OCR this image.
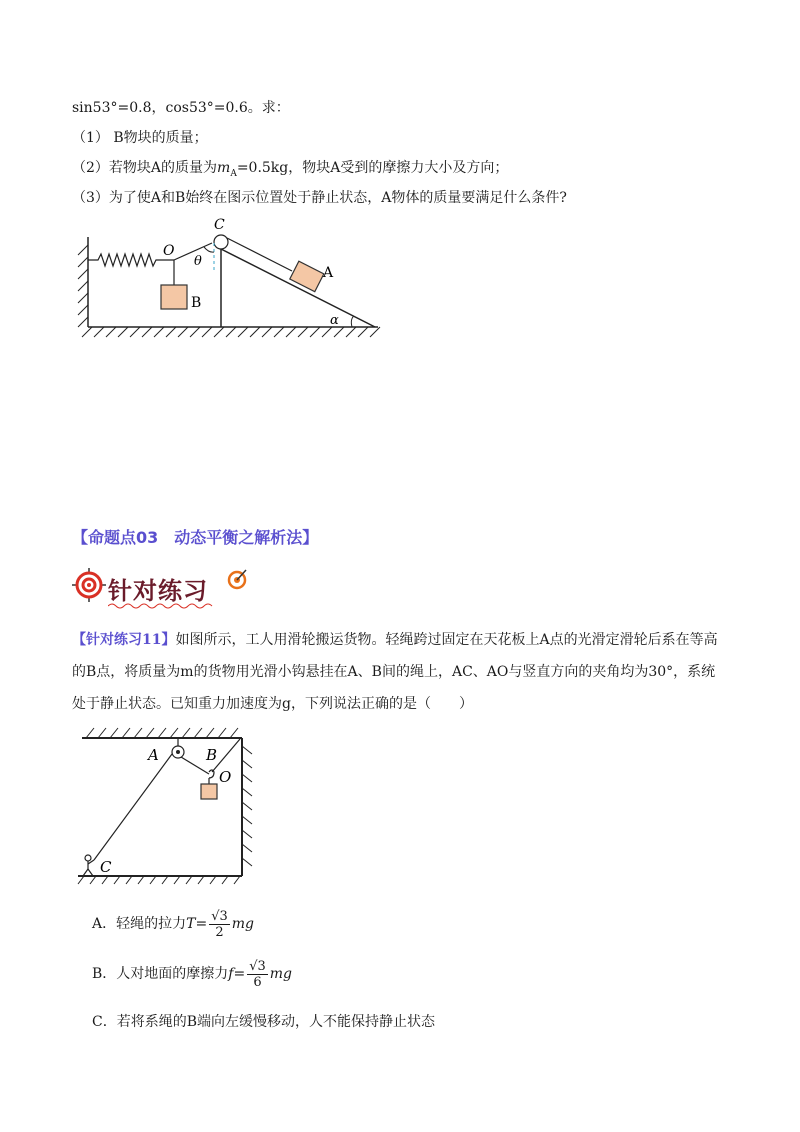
sin53°=0.8，cos53°=0.6。求：
（1） B物块的质量；
（2）若物块A的质量为$m_A=0.5kg$，物块A受到的摩擦力大小及方向；
（3）为了使A和B始终在图示位置处于静止状态，A物体的质量要满足什么条件?
C
O
θ
B
A
α
【命题点03　动态平衡之解析法】
针对练习
【针对练习11】如图所示，工人用滑轮搬运货物。轻绳跨过固定在天花板上A点的光滑定滑轮后系在等高
的B点，将质量为m的货物用光滑小钩悬挂在A、B间的绳上，AC、AO与竖直方向的夹角均为30°，系统
处于静止状态。已知重力加速度为g，下列说法正确的是（　　）
A	B
O
C
A．轻绳的拉力$T= \frac{√3}{2}$ mg
B．人对地面的摩擦力$f= \frac{√3}{6}$ mg
C．若将系绳的B端向左缓慢移动，人不能保持静止状态
